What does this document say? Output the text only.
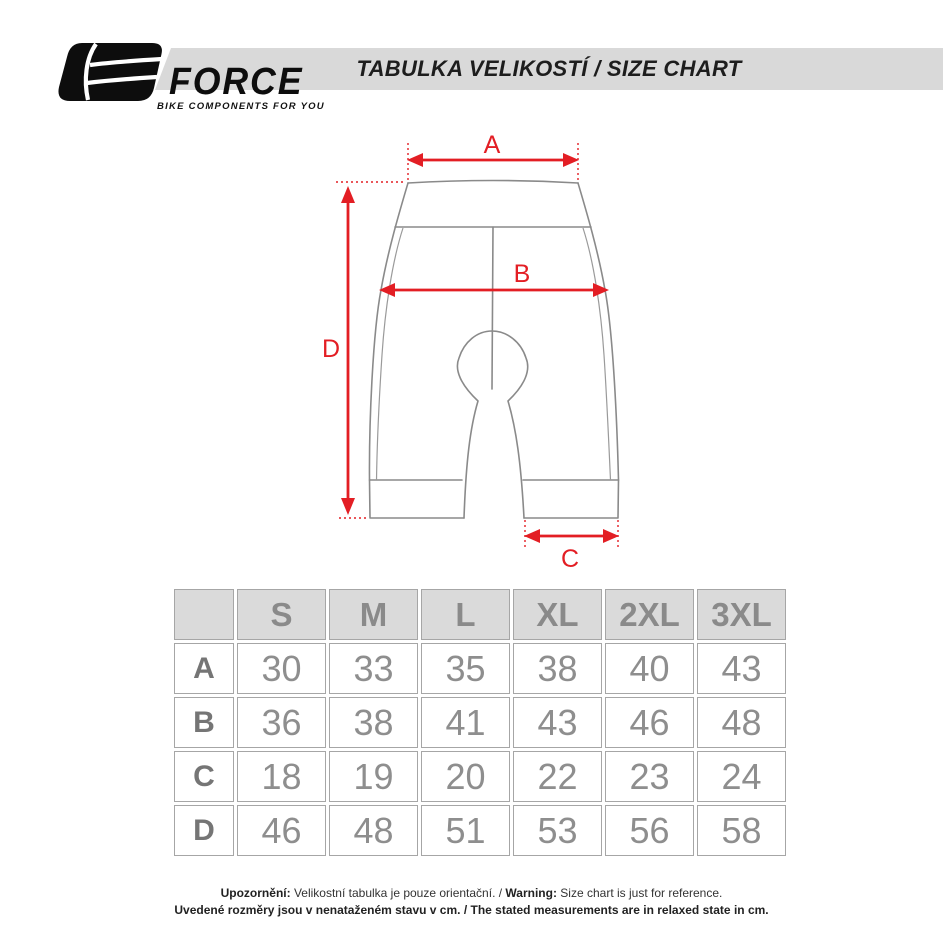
TABULKA VELIKOSTÍ / SIZE CHART
FORCE
BIKE COMPONENTS FOR YOU
A
B
C
D
	S	M	L	XL	2XL	3XL
A	30	33	35	38	40	43
B	36	38	41	43	46	48
C	18	19	20	22	23	24
D	46	48	51	53	56	58
Upozornění: Velikostní tabulka je pouze orientační. / Warning: Size chart is just for reference.
Uvedené rozměry jsou v nenataženém stavu v cm. / The stated measurements are in relaxed state in cm.
